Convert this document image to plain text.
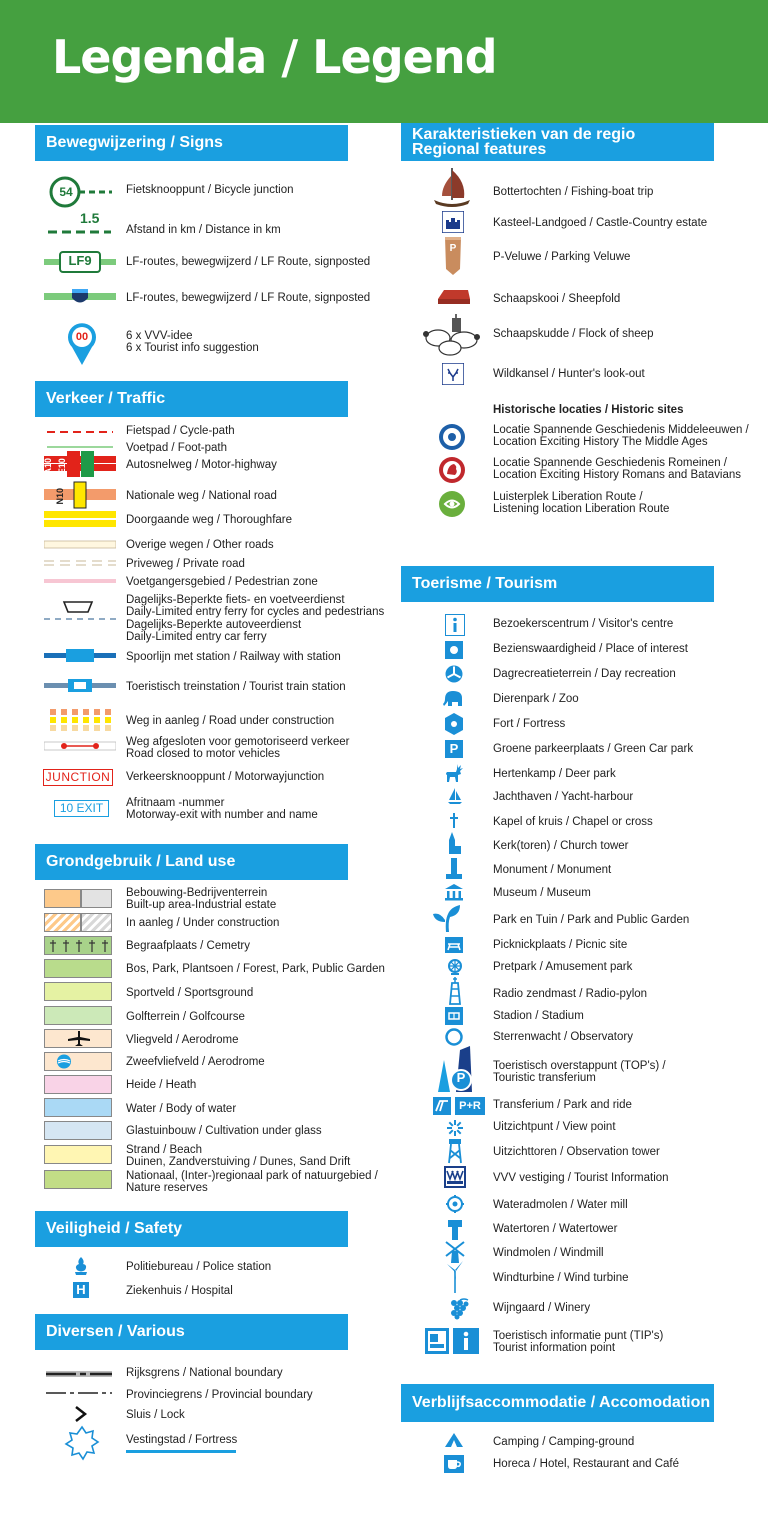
Legenda / Legend
Bewegwijzering / Signs
54	Fietsknooppunt / Bicycle junction
1.5
Afstand in km / Distance in km
LF9	LF-routes, bewegwijzerd / LF Route, signposted
LF-routes, bewegwijzerd / LF Route, signposted
00	6 x VVV-idee
6 x Tourist info suggestion
Verkeer / Traffic
Fietspad / Cycle-path
Voetpad / Foot-path
A10 E10	Autosnelweg / Motor-highway
N10	Nationale weg / National road
Doorgaande weg / Thoroughfare
Overige wegen / Other roads
Priveweg / Private road
Voetgangersgebied / Pedestrian zone
Dagelijks-Beperkte fiets- en voetveerdienst
Daily-Limited entry ferry for cycles and pedestrians
Dagelijks-Beperkte autoveerdienst
Daily-Limited entry car ferry
Spoorlijn met station / Railway with station
Toeristisch treinstation / Tourist train station
Weg in aanleg / Road under construction
Weg afgesloten voor gemotoriseerd verkeer
Road closed to motor vehicles
JUNCTION Verkeersknooppunt / Motorwayjunction
10 EXIT	Afritnaam -nummer
Motorway-exit with number and name
Grondgebruik / Land use
Bebouwing-Bedrijventerrein
Built-up area-Industrial estate
In aanleg / Under construction
Begraafplaats / Cemetry
Bos, Park, Plantsoen / Forest, Park, Public Garden
Sportveld / Sportsground
Golfterrein / Golfcourse
Vliegveld / Aerodrome
Zweefvliefveld / Aerodrome
Heide / Heath
Water / Body of water
Glastuinbouw / Cultivation under glass
Strand / Beach
Duinen, Zandverstuiving / Dunes, Sand Drift
Nationaal, (Inter-)regionaal park of natuurgebied /
Nature reserves
Veiligheid / Safety
Politiebureau / Police station
H	Ziekenhuis / Hospital
Diversen / Various
Rijksgrens / National boundary
Provinciegrens / Provincial boundary
Sluis / Lock
Vestingstad / Fortress
Karakteristieken van de regio
Regional features
Bottertochten / Fishing-boat trip
Kasteel-Landgoed / Castle-Country estate
P
P-Veluwe / Parking Veluwe
Schaapskooi / Sheepfold
Schaapskudde / Flock of sheep
Wildkansel / Hunter's look-out
Historische locaties / Historic sites
Locatie Spannende Geschiedenis Middeleeuwen /
Location Exciting History The Middle Ages
Locatie Spannende Geschiedenis Romeinen /
Location Exciting History Romans and Batavians
Luisterplek Liberation Route /
Listening location Liberation Route
Toerisme / Tourism
Bezoekerscentrum / Visitor's centre
Bezienswaardigheid / Place of interest
Dagrecreatieterrein / Day recreation
Dierenpark / Zoo
Fort / Fortress
Groene parkeerplaats / Green Car park
Hertenkamp / Deer park
Jachthaven / Yacht-harbour
Kapel of kruis / Chapel or cross
Kerk(toren) / Church tower
Monument / Monument
Museum / Museum
Park en Tuin / Park and Public Garden
Picknickplaats / Picnic site
Pretpark / Amusement park
Radio zendmast / Radio-pylon
Stadion / Stadium
Sterrenwacht / Observatory
Toeristisch overstappunt (TOP's) /
Touristic transferium
Transferium / Park and ride
Uitzichtpunt / View point
Uitzichttoren / Observation tower
VVV vestiging / Tourist Information
Wateradmolen / Water mill
Watertoren / Watertower
Windmolen / Windmill
Windturbine / Wind turbine
Wijngaard / Winery
Toeristisch informatie punt (TIP's)
Tourist information point
P
P
P+R
Verblijfsaccommodatie / Accomodation
Camping / Camping-ground
Horeca / Hotel, Restaurant and Café
